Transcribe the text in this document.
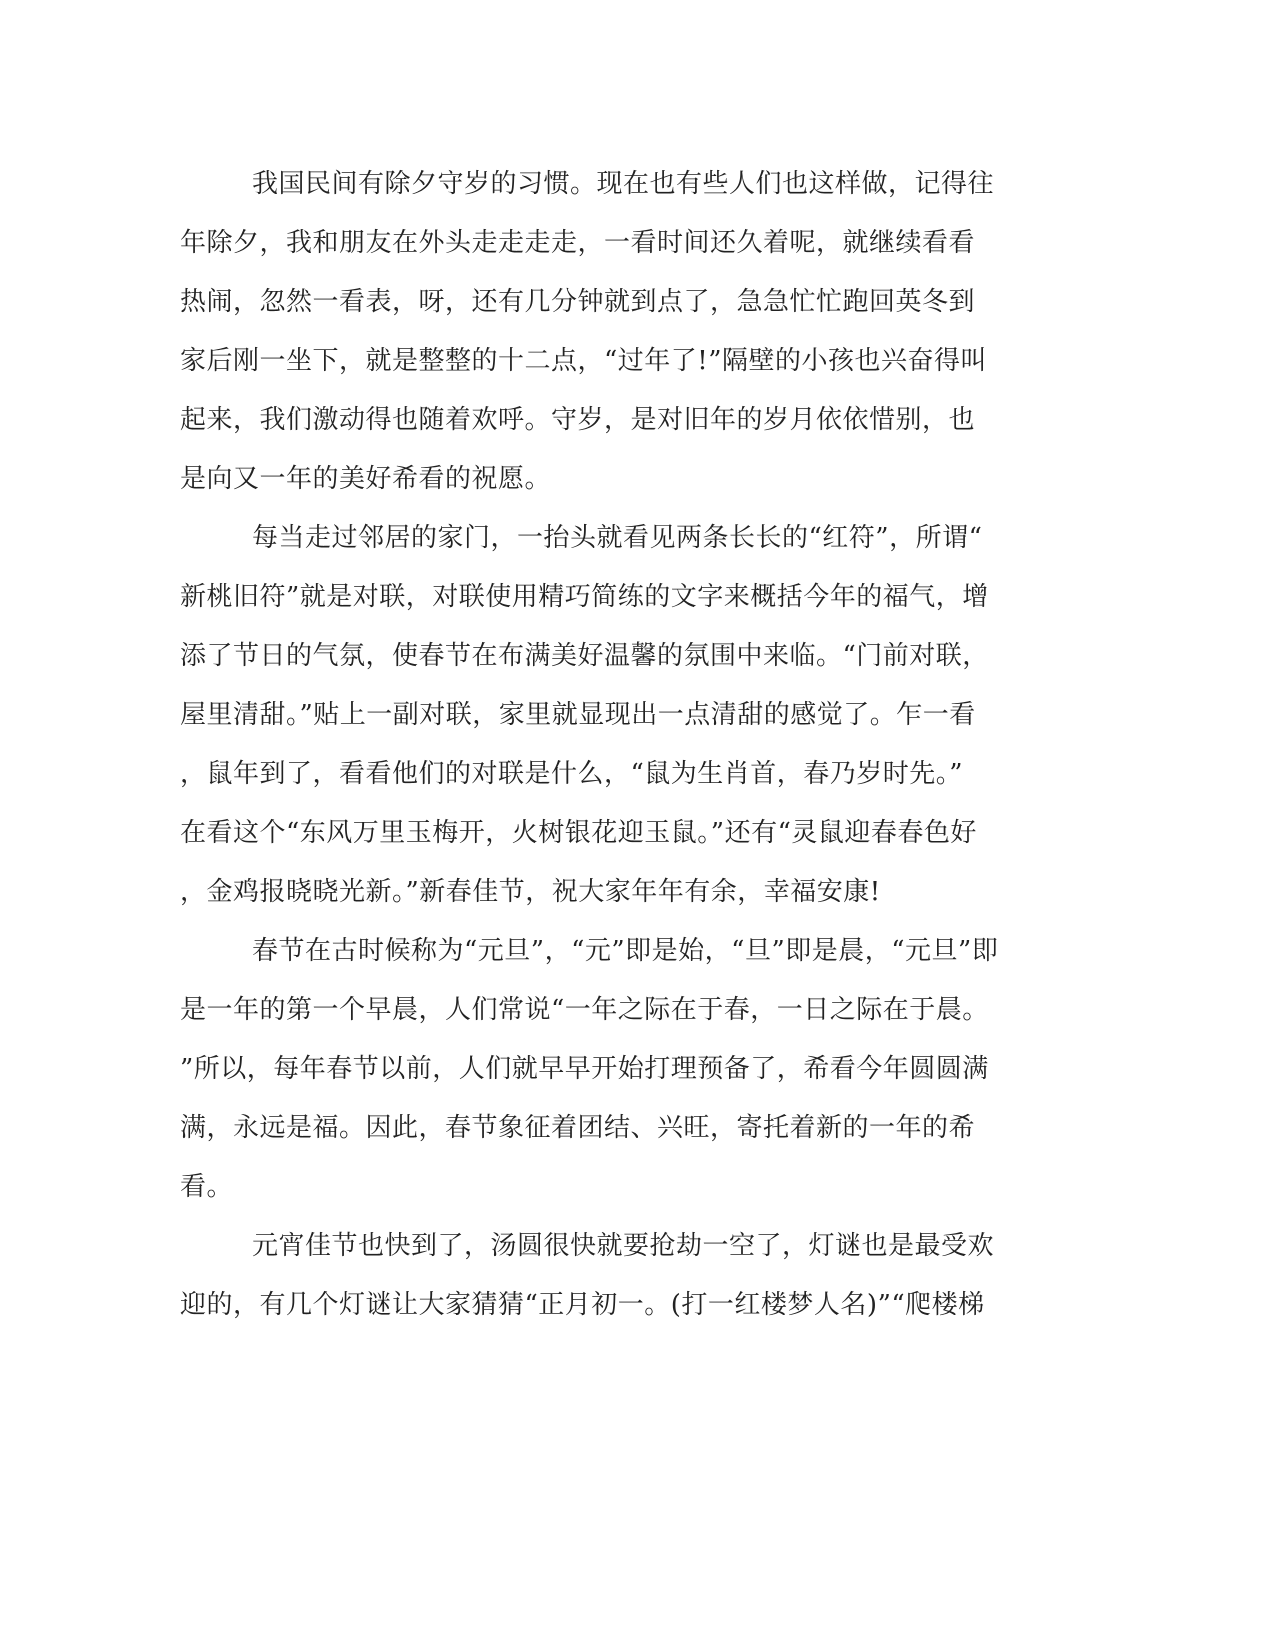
我国民间有除夕守岁的习惯。现在也有些人们也这样做，记得往
年除夕，我和朋友在外头走走走走，一看时间还久着呢，就继续看看
热闹，忽然一看表，呀，还有几分钟就到点了，急急忙忙跑回英冬到
家后刚一坐下，就是整整的十二点，“过年了!”隔壁的小孩也兴奋得叫
起来，我们激动得也随着欢呼。守岁，是对旧年的岁月依依惜别，也
是向又一年的美好希看的祝愿。
每当走过邻居的家门，一抬头就看见两条长长的“红符”，所谓“
新桃旧符”就是对联，对联使用精巧简练的文字来概括今年的福气，增
添了节日的气氛，使春节在布满美好温馨的氛围中来临。“门前对联，
屋里清甜。”贴上一副对联，家里就显现出一点清甜的感觉了。乍一看
，鼠年到了，看看他们的对联是什么，“鼠为生肖首，春乃岁时先。”
在看这个“东风万里玉梅开，火树银花迎玉鼠。”还有“灵鼠迎春春色好
，金鸡报晓晓光新。”新春佳节，祝大家年年有余，幸福安康!
春节在古时候称为“元旦”，“元”即是始，“旦”即是晨，“元旦”即
是一年的第一个早晨，人们常说“一年之际在于春，一日之际在于晨。
”所以，每年春节以前，人们就早早开始打理预备了，希看今年圆圆满
满，永远是福。因此，春节象征着团结、兴旺，寄托着新的一年的希
看。
元宵佳节也快到了，汤圆很快就要抢劫一空了，灯谜也是最受欢
迎的，有几个灯谜让大家猜猜“正月初一。(打一红楼梦人名)”“爬楼梯
